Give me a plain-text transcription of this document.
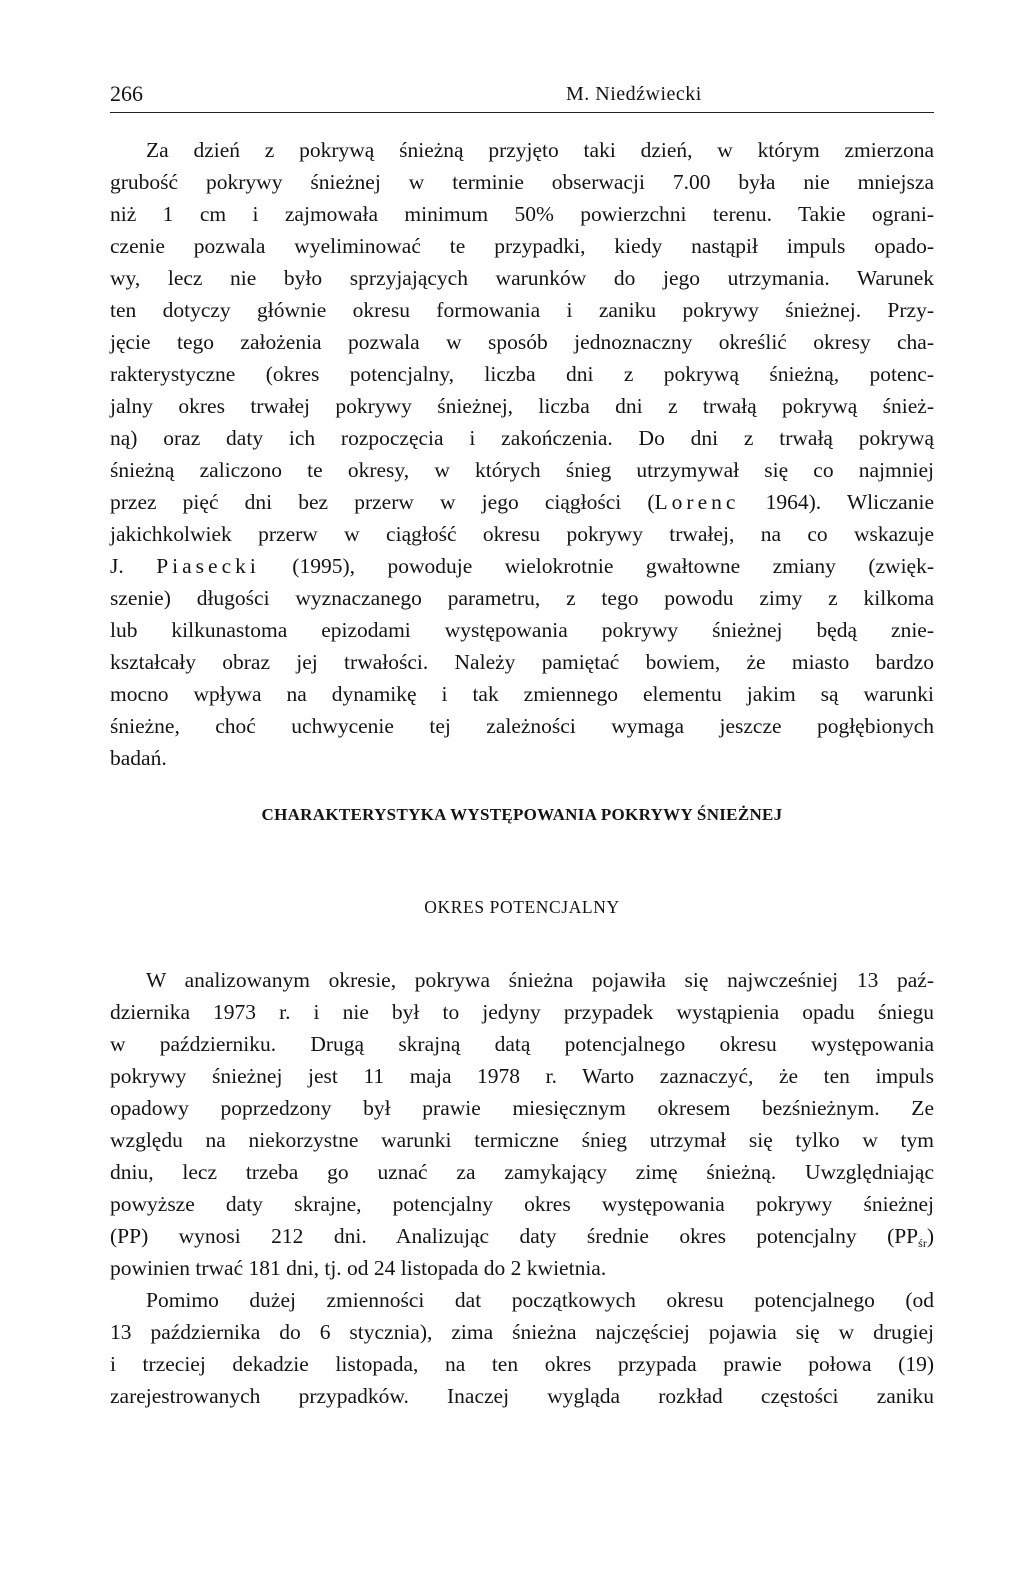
266	M. Niedźwiecki
Za dzień z pokrywą śnieżną przyjęto taki dzień, w którym zmierzona
grubość pokrywy śnieżnej w terminie obserwacji 7.00 była nie mniejsza
niż 1 cm i zajmowała minimum 50% powierzchni terenu. Takie ograni-
czenie pozwala wyeliminować te przypadki, kiedy nastąpił impuls opado-
wy, lecz nie było sprzyjających warunków do jego utrzymania. Warunek
ten dotyczy głównie okresu formowania i zaniku pokrywy śnieżnej. Przy-
jęcie tego założenia pozwala w sposób jednoznaczny określić okresy cha-
rakterystyczne (okres potencjalny, liczba dni z pokrywą śnieżną, potenc-
jalny okres trwałej pokrywy śnieżnej, liczba dni z trwałą pokrywą śnież-
ną) oraz daty ich rozpoczęcia i zakończenia. Do dni z trwałą pokrywą
śnieżną zaliczono te okresy, w których śnieg utrzymywał się co najmniej
przez pięć dni bez przerw w jego ciągłości (Lorenc 1964). Wliczanie
jakichkolwiek przerw w ciągłość okresu pokrywy trwałej, na co wskazuje
J. Piasecki (1995), powoduje wielokrotnie gwałtowne zmiany (zwięk-
szenie) długości wyznaczanego parametru, z tego powodu zimy z kilkoma
lub kilkunastoma epizodami występowania pokrywy śnieżnej będą znie-
kształcały obraz jej trwałości. Należy pamiętać bowiem, że miasto bardzo
mocno wpływa na dynamikę i tak zmiennego elementu jakim są warunki
śnieżne, choć uchwycenie tej zależności wymaga jeszcze pogłębionych
badań.
CHARAKTERYSTYKA WYSTĘPOWANIA POKRYWY ŚNIEŻNEJ
OKRES POTENCJALNY
W analizowanym okresie, pokrywa śnieżna pojawiła się najwcześniej 13 paź-
dziernika 1973 r. i nie był to jedyny przypadek wystąpienia opadu śniegu
w październiku. Drugą skrajną datą potencjalnego okresu występowania
pokrywy śnieżnej jest 11 maja 1978 r. Warto zaznaczyć, że ten impuls
opadowy poprzedzony był prawie miesięcznym okresem bezśnieżnym. Ze
względu na niekorzystne warunki termiczne śnieg utrzymał się tylko w tym
dniu, lecz trzeba go uznać za zamykający zimę śnieżną. Uwzględniając
powyższe daty skrajne, potencjalny okres występowania pokrywy śnieżnej
(PP) wynosi 212 dni. Analizując daty średnie okres potencjalny $(PP_{śr})$
powinien trwać 181 dni, tj. od 24 listopada do 2 kwietnia.
Pomimo dużej zmienności dat początkowych okresu potencjalnego (od
13 października do 6 stycznia), zima śnieżna najczęściej pojawia się w drugiej
i trzeciej dekadzie listopada, na ten okres przypada prawie połowa (19)
zarejestrowanych przypadków. Inaczej wygląda rozkład częstości zaniku
